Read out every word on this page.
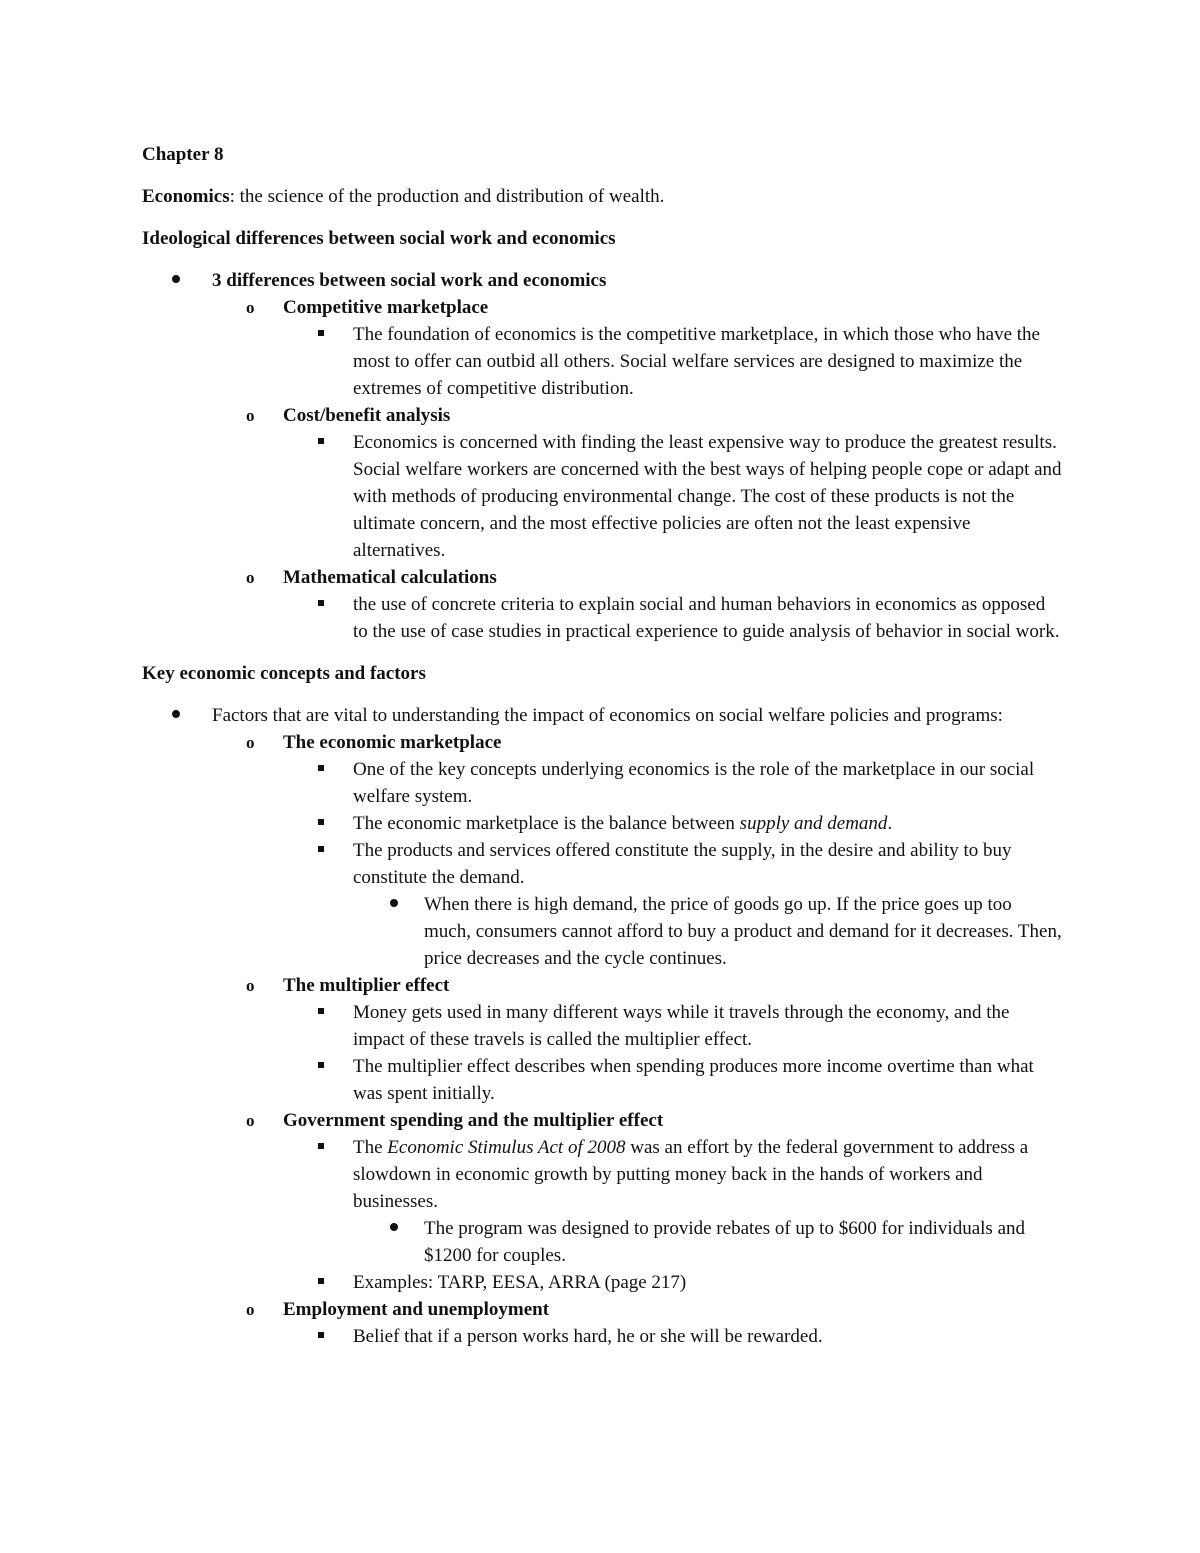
Chapter 8
Economics: the science of the production and distribution of wealth.
Ideological differences between social work and economics
3 differences between social work and economics
o	Competitive marketplace
The foundation of economics is the competitive marketplace, in which those who have the most to offer can outbid all others. Social welfare services are designed to maximize the extremes of competitive distribution.
o	Cost/benefit analysis
Economics is concerned with finding the least expensive way to produce the greatest results. Social welfare workers are concerned with the best ways of helping people cope or adapt and with methods of producing environmental change. The cost of these products is not the ultimate concern, and the most effective policies are often not the least expensive alternatives.
o	Mathematical calculations
the use of concrete criteria to explain social and human behaviors in economics as opposed to the use of case studies in practical experience to guide analysis of behavior in social work.
Key economic concepts and factors
Factors that are vital to understanding the impact of economics on social welfare policies and programs:
o	The economic marketplace
One of the key concepts underlying economics is the role of the marketplace in our social welfare system.
The economic marketplace is the balance between supply and demand.
The products and services offered constitute the supply, in the desire and ability to buy constitute the demand.
When there is high demand, the price of goods go up. If the price goes up too much, consumers cannot afford to buy a product and demand for it decreases. Then, price decreases and the cycle continues.
o	The multiplier effect
Money gets used in many different ways while it travels through the economy, and the impact of these travels is called the multiplier effect.
The multiplier effect describes when spending produces more income overtime than what was spent initially.
o	Government spending and the multiplier effect
The Economic Stimulus Act of 2008 was an effort by the federal government to address a slowdown in economic growth by putting money back in the hands of workers and businesses.
The program was designed to provide rebates of up to $600 for individuals and $1200 for couples.
Examples: TARP, EESA, ARRA (page 217)
o	Employment and unemployment
Belief that if a person works hard, he or she will be rewarded.
